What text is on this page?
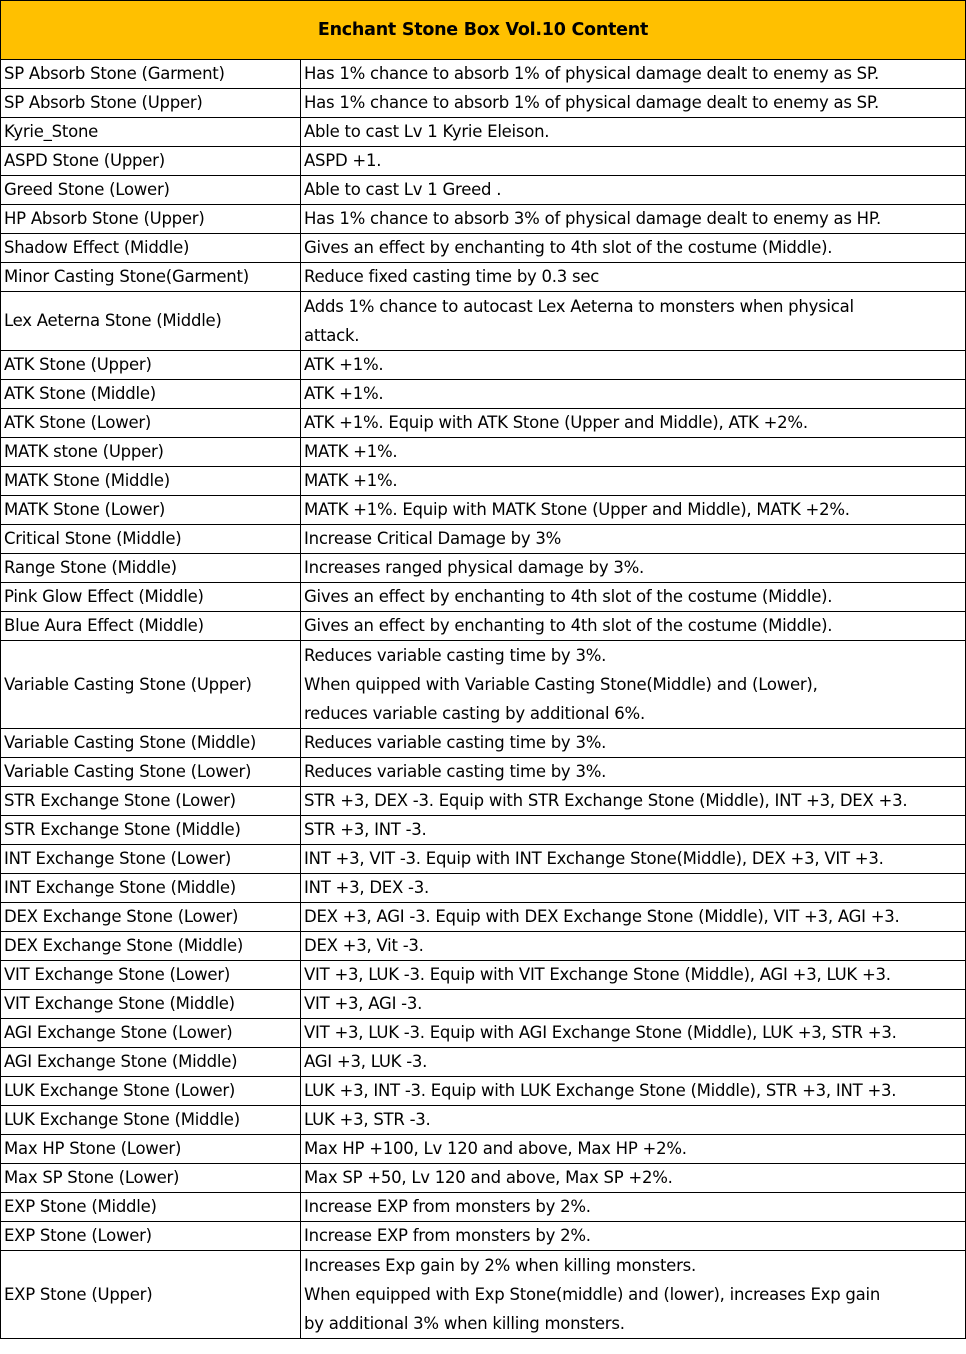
Enchant Stone Box Vol.10 Content	
SP Absorb Stone (Garment)	Has 1% chance to absorb 1% of physical damage dealt to enemy as SP.

SP Absorb Stone (Upper)	Has 1% chance to absorb 1% of physical damage dealt to enemy as SP.

Kyrie_Stone	Able to cast Lv 1 Kyrie Eleison.

ASPD Stone (Upper)	ASPD +1.

Greed Stone (Lower)	Able to cast Lv 1 Greed .

HP Absorb Stone (Upper)	Has 1% chance to absorb 3% of physical damage dealt to enemy as HP.

Shadow Effect (Middle)	Gives an effect by enchanting to 4th slot of the costume (Middle).

Minor Casting Stone(Garment)	Reduce fixed casting time by 0.3 sec

Lex Aeterna Stone (Middle)	Adds 1% chance to autocast Lex Aeterna to monsters when physical
attack.

ATK Stone (Upper)	ATK +1%.

ATK Stone (Middle)	ATK +1%.

ATK Stone (Lower)	ATK +1%. Equip with ATK Stone (Upper and Middle), ATK +2%.

MATK stone (Upper)	MATK +1%.

MATK Stone (Middle)	MATK +1%.

MATK Stone (Lower)	MATK +1%. Equip with MATK Stone (Upper and Middle), MATK +2%.

Critical Stone (Middle)	Increase Critical Damage by 3%

Range Stone (Middle)	Increases ranged physical damage by 3%.

Pink Glow Effect (Middle)	Gives an effect by enchanting to 4th slot of the costume (Middle).

Blue Aura Effect (Middle)	Gives an effect by enchanting to 4th slot of the costume (Middle).

Variable Casting Stone (Upper)	Reduces variable casting time by 3%.
When quipped with Variable Casting Stone(Middle) and (Lower),
reduces variable casting by additional 6%.

Variable Casting Stone (Middle)	Reduces variable casting time by 3%.

Variable Casting Stone (Lower)	Reduces variable casting time by 3%.

STR Exchange Stone (Lower)	STR +3, DEX -3. Equip with STR Exchange Stone (Middle), INT +3, DEX +3.

STR Exchange Stone (Middle)	STR +3, INT -3.

INT Exchange Stone (Lower)	INT +3, VIT -3. Equip with INT Exchange Stone(Middle), DEX +3, VIT +3.

INT Exchange Stone (Middle)	INT +3, DEX -3.

DEX Exchange Stone (Lower)	DEX +3, AGI -3. Equip with DEX Exchange Stone (Middle), VIT +3, AGI +3.

DEX Exchange Stone (Middle)	DEX +3, Vit -3.

VIT Exchange Stone (Lower)	VIT +3, LUK -3. Equip with VIT Exchange Stone (Middle), AGI +3, LUK +3.

VIT Exchange Stone (Middle)	VIT +3, AGI -3.

AGI Exchange Stone (Lower)	VIT +3, LUK -3. Equip with AGI Exchange Stone (Middle), LUK +3, STR +3.

AGI Exchange Stone (Middle)	AGI +3, LUK -3.

LUK Exchange Stone (Lower)	LUK +3, INT -3. Equip with LUK Exchange Stone (Middle), STR +3, INT +3.

LUK Exchange Stone (Middle)	LUK +3, STR -3.

Max HP Stone (Lower)	Max HP +100, Lv 120 and above, Max HP +2%.

Max SP Stone (Lower)	Max SP +50, Lv 120 and above, Max SP +2%.

EXP Stone (Middle)	Increase EXP from monsters by 2%.

EXP Stone (Lower)	Increase EXP from monsters by 2%.

EXP Stone (Upper)	Increases Exp gain by 2% when killing monsters.
When equipped with Exp Stone(middle) and (lower), increases Exp gain
by additional 3% when killing monsters.
